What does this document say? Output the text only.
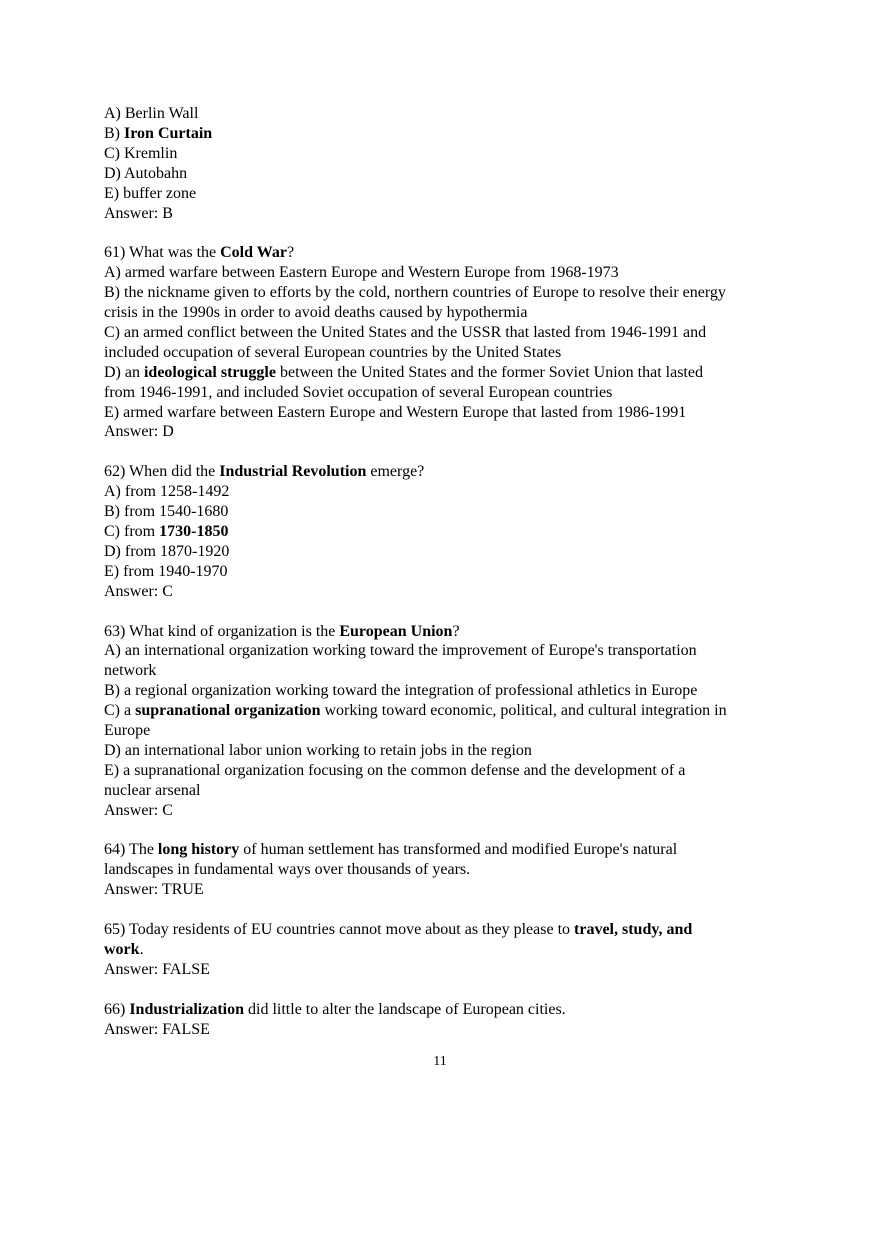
A) Berlin Wall
B) Iron Curtain
C) Kremlin
D) Autobahn
E) buffer zone
Answer: B
61) What was the Cold War?
A) armed warfare between Eastern Europe and Western Europe from 1968-1973
B) the nickname given to efforts by the cold, northern countries of Europe to resolve their energy
crisis in the 1990s in order to avoid deaths caused by hypothermia
C) an armed conflict between the United States and the USSR that lasted from 1946-1991 and
included occupation of several European countries by the United States
D) an ideological struggle between the United States and the former Soviet Union that lasted
from 1946-1991, and included Soviet occupation of several European countries
E) armed warfare between Eastern Europe and Western Europe that lasted from 1986-1991
Answer: D
62) When did the Industrial Revolution emerge?
A) from 1258-1492
B) from 1540-1680
C) from 1730-1850
D) from 1870-1920
E) from 1940-1970
Answer: C
63) What kind of organization is the European Union?
A) an international organization working toward the improvement of Europe's transportation
network
B) a regional organization working toward the integration of professional athletics in Europe
C) a supranational organization working toward economic, political, and cultural integration in
Europe
D) an international labor union working to retain jobs in the region
E) a supranational organization focusing on the common defense and the development of a
nuclear arsenal
Answer: C
64) The long history of human settlement has transformed and modified Europe's natural
landscapes in fundamental ways over thousands of years.
Answer: TRUE
65) Today residents of EU countries cannot move about as they please to travel, study, and
work.
Answer: FALSE
66) Industrialization did little to alter the landscape of European cities.
Answer: FALSE
11
